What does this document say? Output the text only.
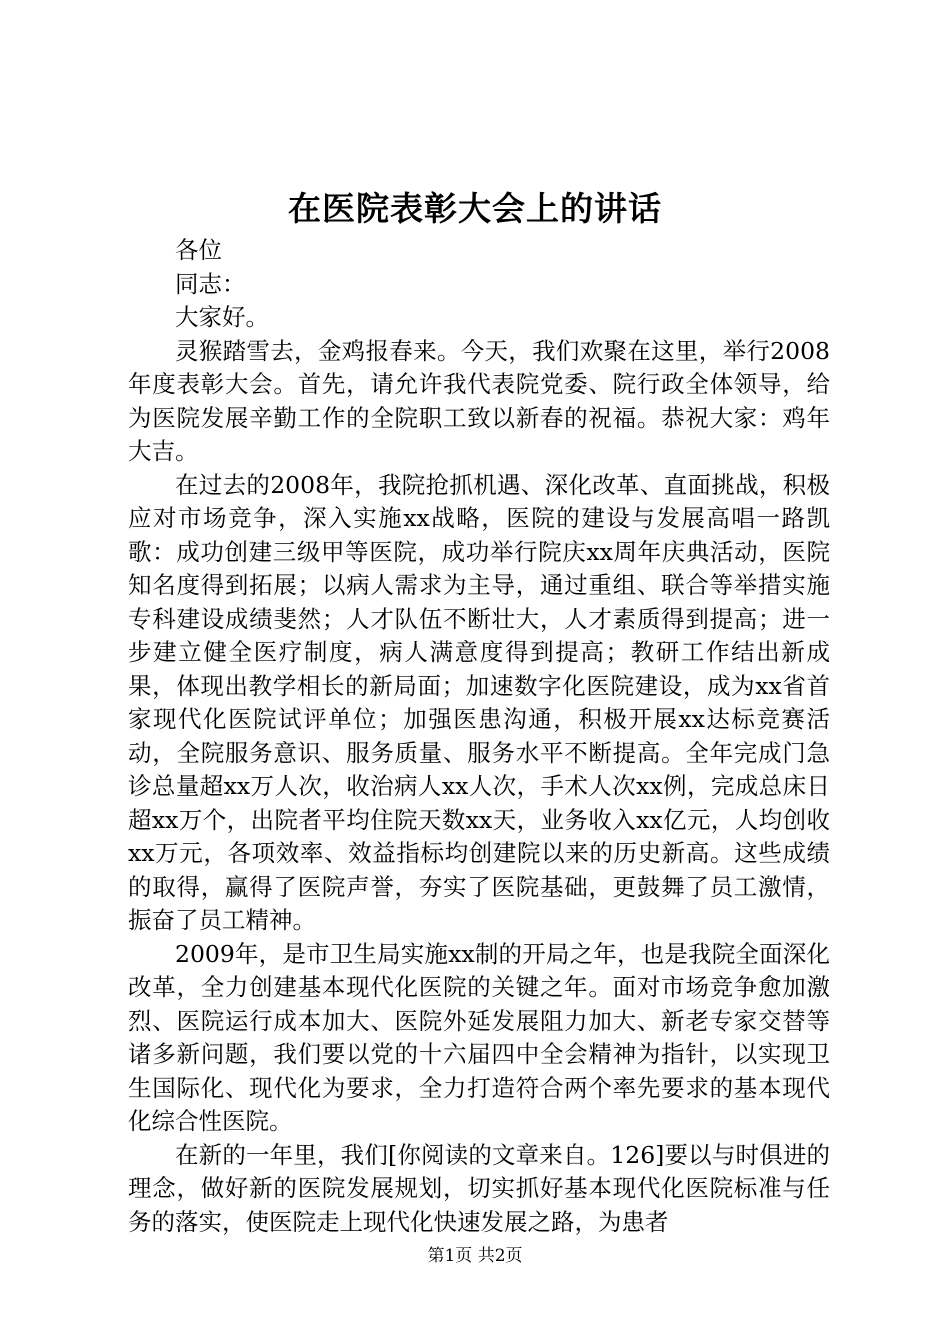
在医院表彰大会上的讲话

各位

同志：

大家好。

灵猴踏雪去，金鸡报春来。今天，我们欢聚在这里，举行2008年度表彰大会。首先，请允许我代表院党委、院行政全体领导，给为医院发展辛勤工作的全院职工致以新春的祝福。恭祝大家：鸡年大吉。

在过去的2008年，我院抢抓机遇、深化改革、直面挑战，积极应对市场竞争，深入实施xx战略，医院的建设与发展高唱一路凯歌：成功创建三级甲等医院，成功举行院庆xx周年庆典活动，医院知名度得到拓展；以病人需求为主导，通过重组、联合等举措实施专科建设成绩斐然；人才队伍不断壮大，人才素质得到提高；进一步建立健全医疗制度，病人满意度得到提高；教研工作结出新成果，体现出教学相长的新局面；加速数字化医院建设，成为xx省首家现代化医院试评单位；加强医患沟通，积极开展xx达标竞赛活动，全院服务意识、服务质量、服务水平不断提高。全年完成门急诊总量超xx万人次，收治病人xx人次，手术人次xx例，完成总床日超xx万个，出院者平均住院天数xx天，业务收入xx亿元，人均创收xx万元，各项效率、效益指标均创建院以来的历史新高。这些成绩的取得，赢得了医院声誉，夯实了医院基础，更鼓舞了员工激情，振奋了员工精神。

2009年，是市卫生局实施xx制的开局之年，也是我院全面深化改革，全力创建基本现代化医院的关键之年。面对市场竞争愈加激烈、医院运行成本加大、医院外延发展阻力加大、新老专家交替等诸多新问题，我们要以党的十六届四中全会精神为指针，以实现卫生国际化、现代化为要求，全力打造符合两个率先要求的基本现代化综合性医院。

在新的一年里，我们[你阅读的文章来自。126]要以与时俱进的理念，做好新的医院发展规划，切实抓好基本现代化医院标准与任务的落实，使医院走上现代化快速发展之路，为患者

第1页 共2页
